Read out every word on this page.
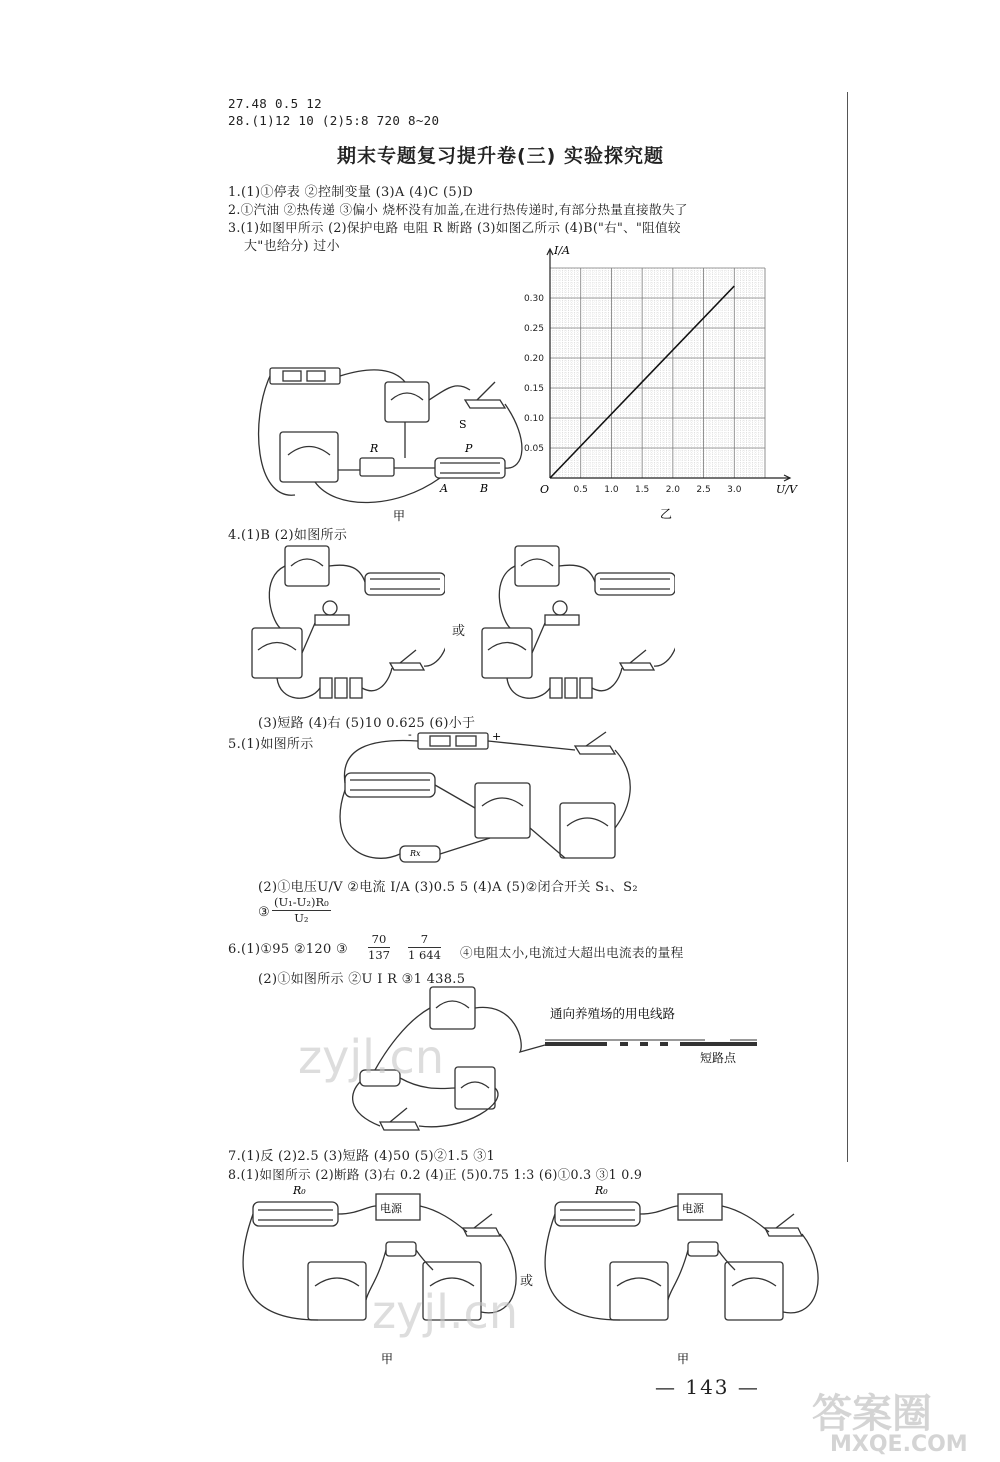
27.48 0.5 12
28.(1)12 10 (2)5:8 720 8~20
期末专题复习提升卷(三) 实验探究题
1.(1)①停表 ②控制变量 (3)A (4)C (5)D
2.①汽油 ②热传递 ③偏小 烧杯没有加盖,在进行热传递时,有部分热量直接散失了
3.(1)如图甲所示 (2)保护电路 电阻 R 断路 (3)如图乙所示 (4)B("右"、"阻值较
大"也给分) 过小
S
R	P
A	B
甲
0.05
0.10
0.15
0.20
0.25
0.30
0.5 1.0 1.5 2.0 2.5 3.0
I/A
U/V
O
乙
4.(1)B (2)如图所示
或
(3)短路 (4)右 (5)10 0.625 (6)小于
5.(1)如图所示
-	+
Rx
(2)①电压U/V ②电流 I/A (3)0.5 5 (4)A (5)②闭合开关 S₁、S₂
③ $\frac{\text{(U₁-U₂)R₀}}{\text{U₂}}$
6.(1)①95 ②120 ③ $\frac{70}{137} \frac{7}{1 644}$ ④电阻太小,电流过大超出电流表的量程
(2)①如图所示 ②U I R ③1 438.5
通向养殖场的用电线路
短路点
7.(1)反 (2)2.5 (3)短路 (4)50 (5)②1.5 ③1
8.(1)如图所示 (2)断路 (3)右 0.2 (4)正 (5)0.75 1:3 (6)①0.3 ③1 0.9
R₀
电源
甲
或
R₀
电源
甲
— 143 —
zyjl.cn
zyjl.cn
答案圈
MXQE.COM
